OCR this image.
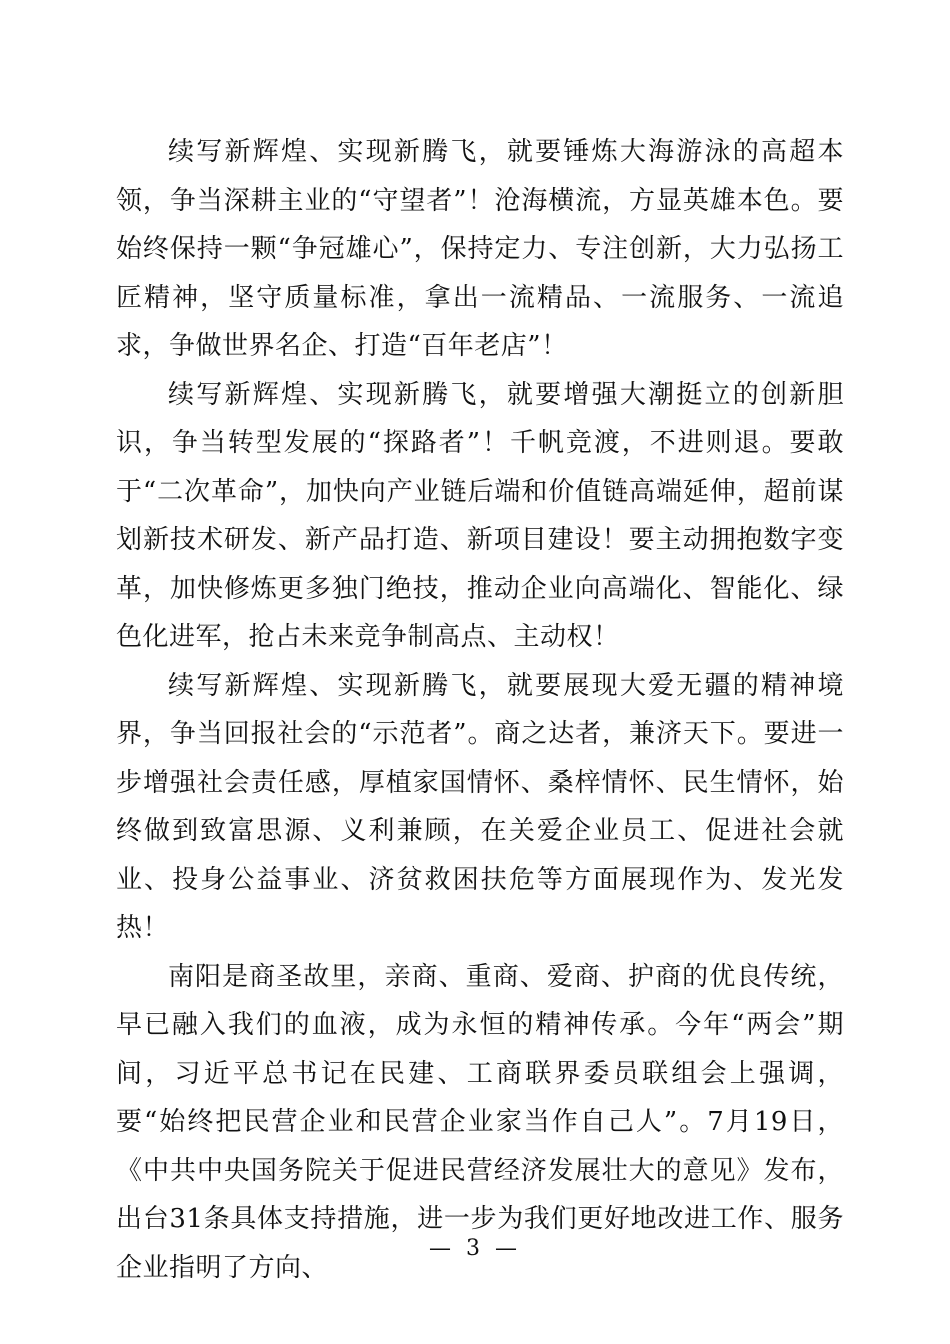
续写新辉煌、实现新腾飞，就要锤炼大海游泳的高超本领，争当深耕主业的“守望者”！沧海横流，方显英雄本色。要始终保持一颗“争冠雄心”，保持定力、专注创新，大力弘扬工匠精神，坚守质量标准，拿出一流精品、一流服务、一流追求，争做世界名企、打造“百年老店”！

续写新辉煌、实现新腾飞，就要增强大潮挺立的创新胆识，争当转型发展的“探路者”！千帆竞渡，不进则退。要敢于“二次革命”，加快向产业链后端和价值链高端延伸，超前谋划新技术研发、新产品打造、新项目建设！要主动拥抱数字变革，加快修炼更多独门绝技，推动企业向高端化、智能化、绿色化进军，抢占未来竞争制高点、主动权！

续写新辉煌、实现新腾飞，就要展现大爱无疆的精神境界，争当回报社会的“示范者”。商之达者，兼济天下。要进一步增强社会责任感，厚植家国情怀、桑梓情怀、民生情怀，始终做到致富思源、义利兼顾，在关爱企业员工、促进社会就业、投身公益事业、济贫救困扶危等方面展现作为、发光发热！

南阳是商圣故里，亲商、重商、爱商、护商的优良传统，早已融入我们的血液，成为永恒的精神传承。今年“两会”期间，习近平总书记在民建、工商联界委员联组会上强调，要“始终把民营企业和民营企业家当作自己人”。7月19日，《中共中央国务院关于促进民营经济发展壮大的意见》发布，出台31条具体支持措施，进一步为我们更好地改进工作、服务企业指明了方向、

— 3 —
